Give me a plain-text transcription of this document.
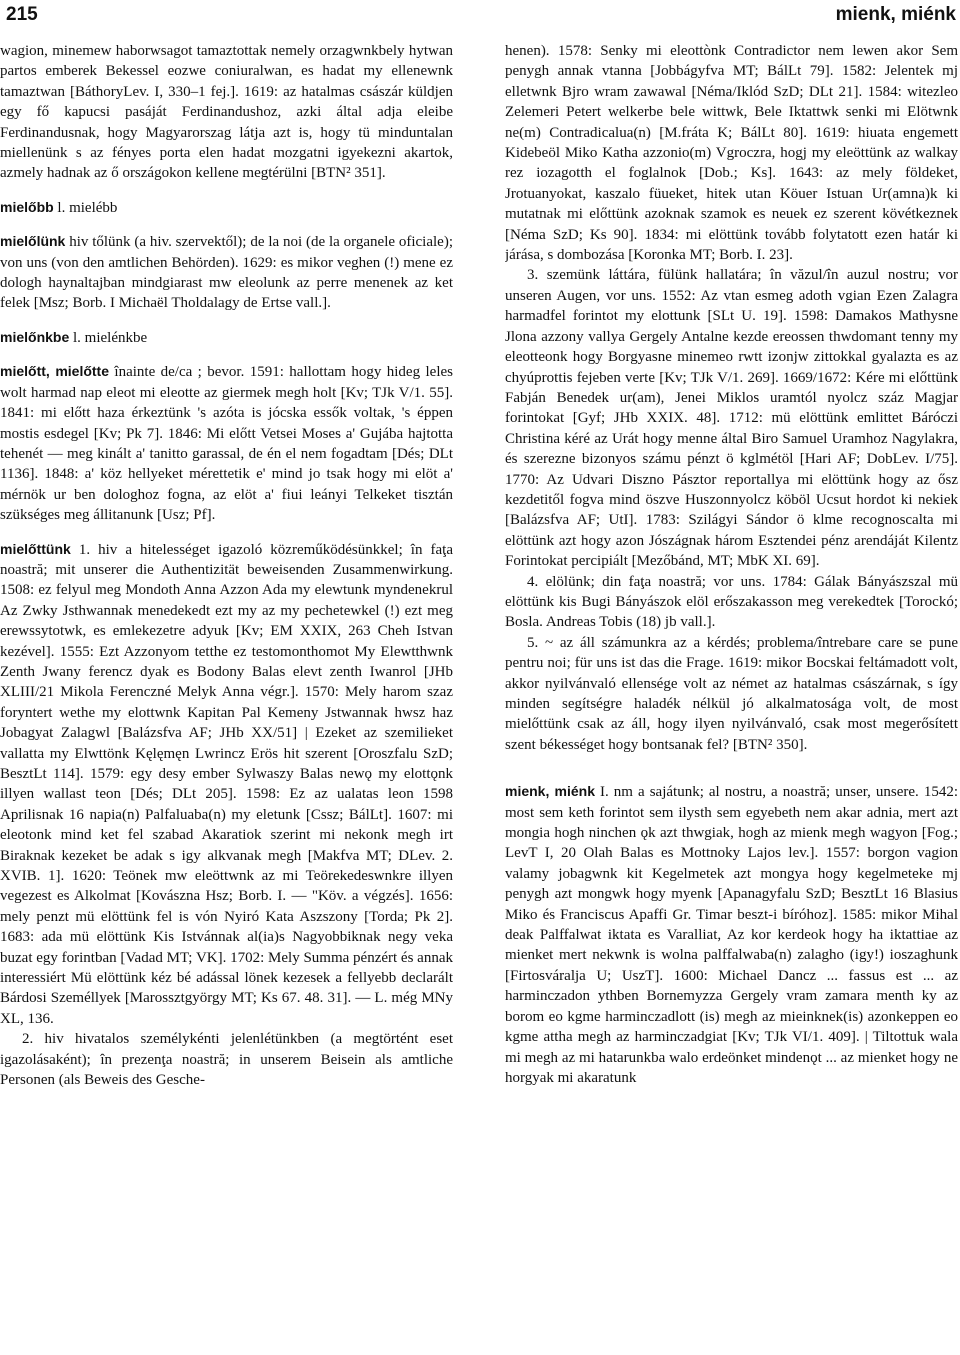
215	mienk, miénk

wagion, minemew haborwsagot tamaztottak nemely orzagwnkbely hytwan partos emberek Bekessel eozwe coniuralwan, es hadat my ellenewnk tamaztwan [BáthoryLev. I, 330–1 fej.]. 1619: az hatalmas császár küldjen egy fő kapucsi pasáját Ferdinandushoz, azki által adja eleibe Ferdinandusnak, hogy Magyarorszag látja azt is, hogy tü minduntalan miellenünk s az fényes porta elen hadat mozgatni igyekezni akartok, azmely hadnak az ő országokon kellene megtérülni [BTN² 351].

mielőbb l. mielébb

mielőlünk hiv tőlünk (a hiv. szervektől); de la noi (de la organele oficiale); von uns (von den amtlichen Behörden). 1629: es mikor veghen (!) mene ez dologh haynaltajban mindgiarast mw eleolunk az perre menenek az ket felek [Msz; Borb. I Michaël Tholdalagy de Ertse vall.].

mielőnkbe l. mielénkbe

mielőtt, mielőtte înainte de/ca ; bevor. 1591: hallottam hogy hideg leles wolt harmad nap eleot mi eleotte az giermek megh holt [Kv; TJk V/1. 55]. 1841: mi előtt haza érkeztünk 's azóta is jócska essők voltak, 's éppen mostis esdegel [Kv; Pk 7]. 1846: Mi előtt Vetsei Moses a' Gujába hajtotta tehenét — meg kinált a' tanitto garassal, de én el nem fogadtam [Dés; DLt 1136]. 1848: a' köz hellyeket mérettetik e' mind jo tsak hogy mi elöt a' mérnök ur ben dologhoz fogna, az elöt a' fiui leányi Telkeket tisztán szükséges meg állitanunk [Usz; Pf].

mielőttünk 1. hiv a hitelességet igazoló közreműködésünkkel; în faţa noastră; mit unserer die Authentizität beweisenden Zusammenwirkung. 1508: ez felyul meg Mondoth Anna Azzon Ada my elewtunk myndenekrul Az Zwky Jsthwannak menedekedt ezt my az my pechetewkel (!) ezt meg erewssytotwk, es emlekezetre adyuk [Kv; EM XXIX, 263 Cheh Istvan kezével]. 1555: Ezt Azzonyom tetthe ez testomonthomot My Elewtthwnk Zenth Jwany ferencz dyak es Bodony Balas elevt zenth Iwanrol [JHb XLIII/21 Mikola Ferenczné Melyk Anna végr.]. 1570: Mely harom szaz foryntert wethe my elottwnk Kapitan Pal Kemeny Jstwannak hwsz haz Jobagyat Zalagwl [Balázsfva AF; JHb XX/51] | Ezeket az szemilieket vallatta my Elwttönk Kęlęmęn Lwrincz Erös hit szerent [Oroszfalu SzD; BesztLt 114]. 1579: egy desy ember Sylwaszy Balas newǫ my elottǫnk illyen wallast teon [Dés; DLt 205]. 1598: Ez az ualatas leon 1598 Aprilisnak 16 napia(n) Palfaluaba(n) my eletunk [Cssz; BálLt]. 1607: mi eleotonk mind ket fel szabad Akaratiok szerint mi nekonk megh irt Biraknak kezeket be adak s igy alkvanak megh [Makfva MT; DLev. 2. XVIB. 1]. 1620: Teönek mw eleöttwnk az mi Teörekedeswnkre illyen vegezest es Alkolmat [Kovászna Hsz; Borb. I. — "Köv. a végzés]. 1656: mely penzt mü elöttünk fel is vón Nyiró Kata Aszszony [Torda; Pk 2]. 1683: ada mü elöttünk Kis Istvánnak al(ia)s Nagyobbiknak negy veka buzat egy forintban [Vadad MT; VK]. 1702: Mely Summa pénzért és annak interessiért Mü elöttünk kéz bé adással lönek kezesek a fellyebb declarált Bárdosi Személlyek [Marossztgyörgy MT; Ks 67. 48. 31]. — L. még MNy XL, 136.

2. hiv hivatalos személykénti jelenlétünkben (a megtörtént eset igazolásaként); în prezenţa noastră; in unserem Beisein als amtliche Personen (als Beweis des Gesche-

henen). 1578: Senky mi eleottònk Contradictor nem lewen akor Sem penygh annak vtanna [Jobbágyfva MT; BálLt 79]. 1582: Jelentek mj elletwnk Bjro wram zawawal [Néma/Iklód SzD; DLt 21]. 1584: witezleo Zelemeri Petert welkerbe bele wittwk, Bele Iktattwk senki mi Elötwnk ne(m) Contradicalua(n) [M.fráta K; BálLt 80]. 1619: hiuata engemett Kidebeöl Miko Katha azzonio(m) Vgroczra, hogj my eleöttünk az walkay rez iozagotth el foglalnok [Dob.; Ks]. 1643: az mely földeket, Jrotuanyokat, kaszalo füueket, hitek utan Köuer Istuan Ur(amna)k ki mutatnak mi előttünk azoknak szamok es neuek ez szerent kövétkeznek [Néma SzD; Ks 90]. 1834: mi elöttünk tovább folytatott ezen határ ki járása, s dombozása [Koronka MT; Borb. I. 23].

3. szemünk láttára, fülünk hallatára; în văzul/în auzul nostru; vor unseren Augen, vor uns. 1552: Az vtan esmeg adoth vgian Ezen Zalagra harmadfel forintot my elottunk [SLt U. 19]. 1598: Damakos Mathysne Jlona azzony vallya Gergely Antalne kezde ereossen thwdomant tenny my eleotteonk hogy Borgyasne minemeo rwtt izonjw zittokkal gyalazta es az chyúprottis fejeben verte [Kv; TJk V/1. 269]. 1669/1672: Kére mi előttünk Fabján Benedek ur(am), Jenei Miklos uramtól nyolcz száz Magjar forintokat [Gyf; JHb XXIX. 48]. 1712: mü elöttünk emlittet Báróczi Christina kéré az Urát hogy menne által Biro Samuel Uramhoz Nagylakra, és szerezne bizonyos számu pénzt ö kglmétöl [Hari AF; DobLev. I/75]. 1770: Az Udvari Diszno Pásztor reportallya mi elöttünk hogy az ősz kezdetitől fogva mind öszve Huszonnyolcz köböl Ucsut hordot ki nekiek [Balázsfva AF; UtI]. 1783: Szilágyi Sándor ö klme recognoscalta mi elöttünk azt hogy azon Jószágnak három Esztendei pénz arendáját Kilentz Forintokat percipiált [Mezőbánd, MT; MbK XI. 69].

4. elölünk; din faţa noastră; vor uns. 1784: Gálak Bányászszal mü elöttünk kis Bugi Bányászok elöl erőszakasson meg verekedtek [Torockó; Bosla. Andreas Tobis (18) jb vall.].

5. ~ az áll számunkra az a kérdés; problema/întrebare care se pune pentru noi; für uns ist das die Frage. 1619: mikor Bocskai feltámadott volt, akkor nyilvánvaló ellensége volt az német az hatalmas császárnak, s így minden segítségre haladék nélkül jó alkalmatosága volt, de most mielőttünk csak az áll, hogy ilyen nyilvánvaló, csak most megerősített szent békességet hogy bontsanak fel? [BTN² 350].

mienk, miénk I. nm a sajátunk; al nostru, a noastră; unser, unsere. 1542: most sem keth forintot sem ilysth sem egyebeth nem akar adnia, mert azt mongia hogh ninchen ǫk azt thwgiak, hogh az mienk megh wagyon [Fog.; LevT I, 20 Olah Balas es Mottnoky Lajos lev.]. 1557: borgon vagion valamy jobagwnk kit Kegelmetek azt mongya hogy kegelmeteke mj penygh azt mongwk hogy myenk [Apanagyfalu SzD; BesztLt 16 Blasius Miko és Franciscus Apaffi Gr. Timar beszt-i bíróhoz]. 1585: mikor Mihal deak Palffalwat iktata es Varalliat, Az kor kerdeok hogy ha iktattiae az mienket mert nekwnk is wolna palffalwaba(n) zalagho (igy!) ioszaghunk [Firtosváralja U; UszT]. 1600: Michael Dancz ... fassus est ... az harminczadon ythben Bornemyzza Gergely vram zamara menth ky az borom eo kgme harminczadlott (is) megh az mieinknek(is) azonkeppen eo kgme attha megh az harminczadgiat [Kv; TJk VI/1. 409]. | Tiltottuk wala mi megh az mi hatarunkba walo erdeönket mindenǫt ... az mienket hogy ne horgyak mi akaratunk
